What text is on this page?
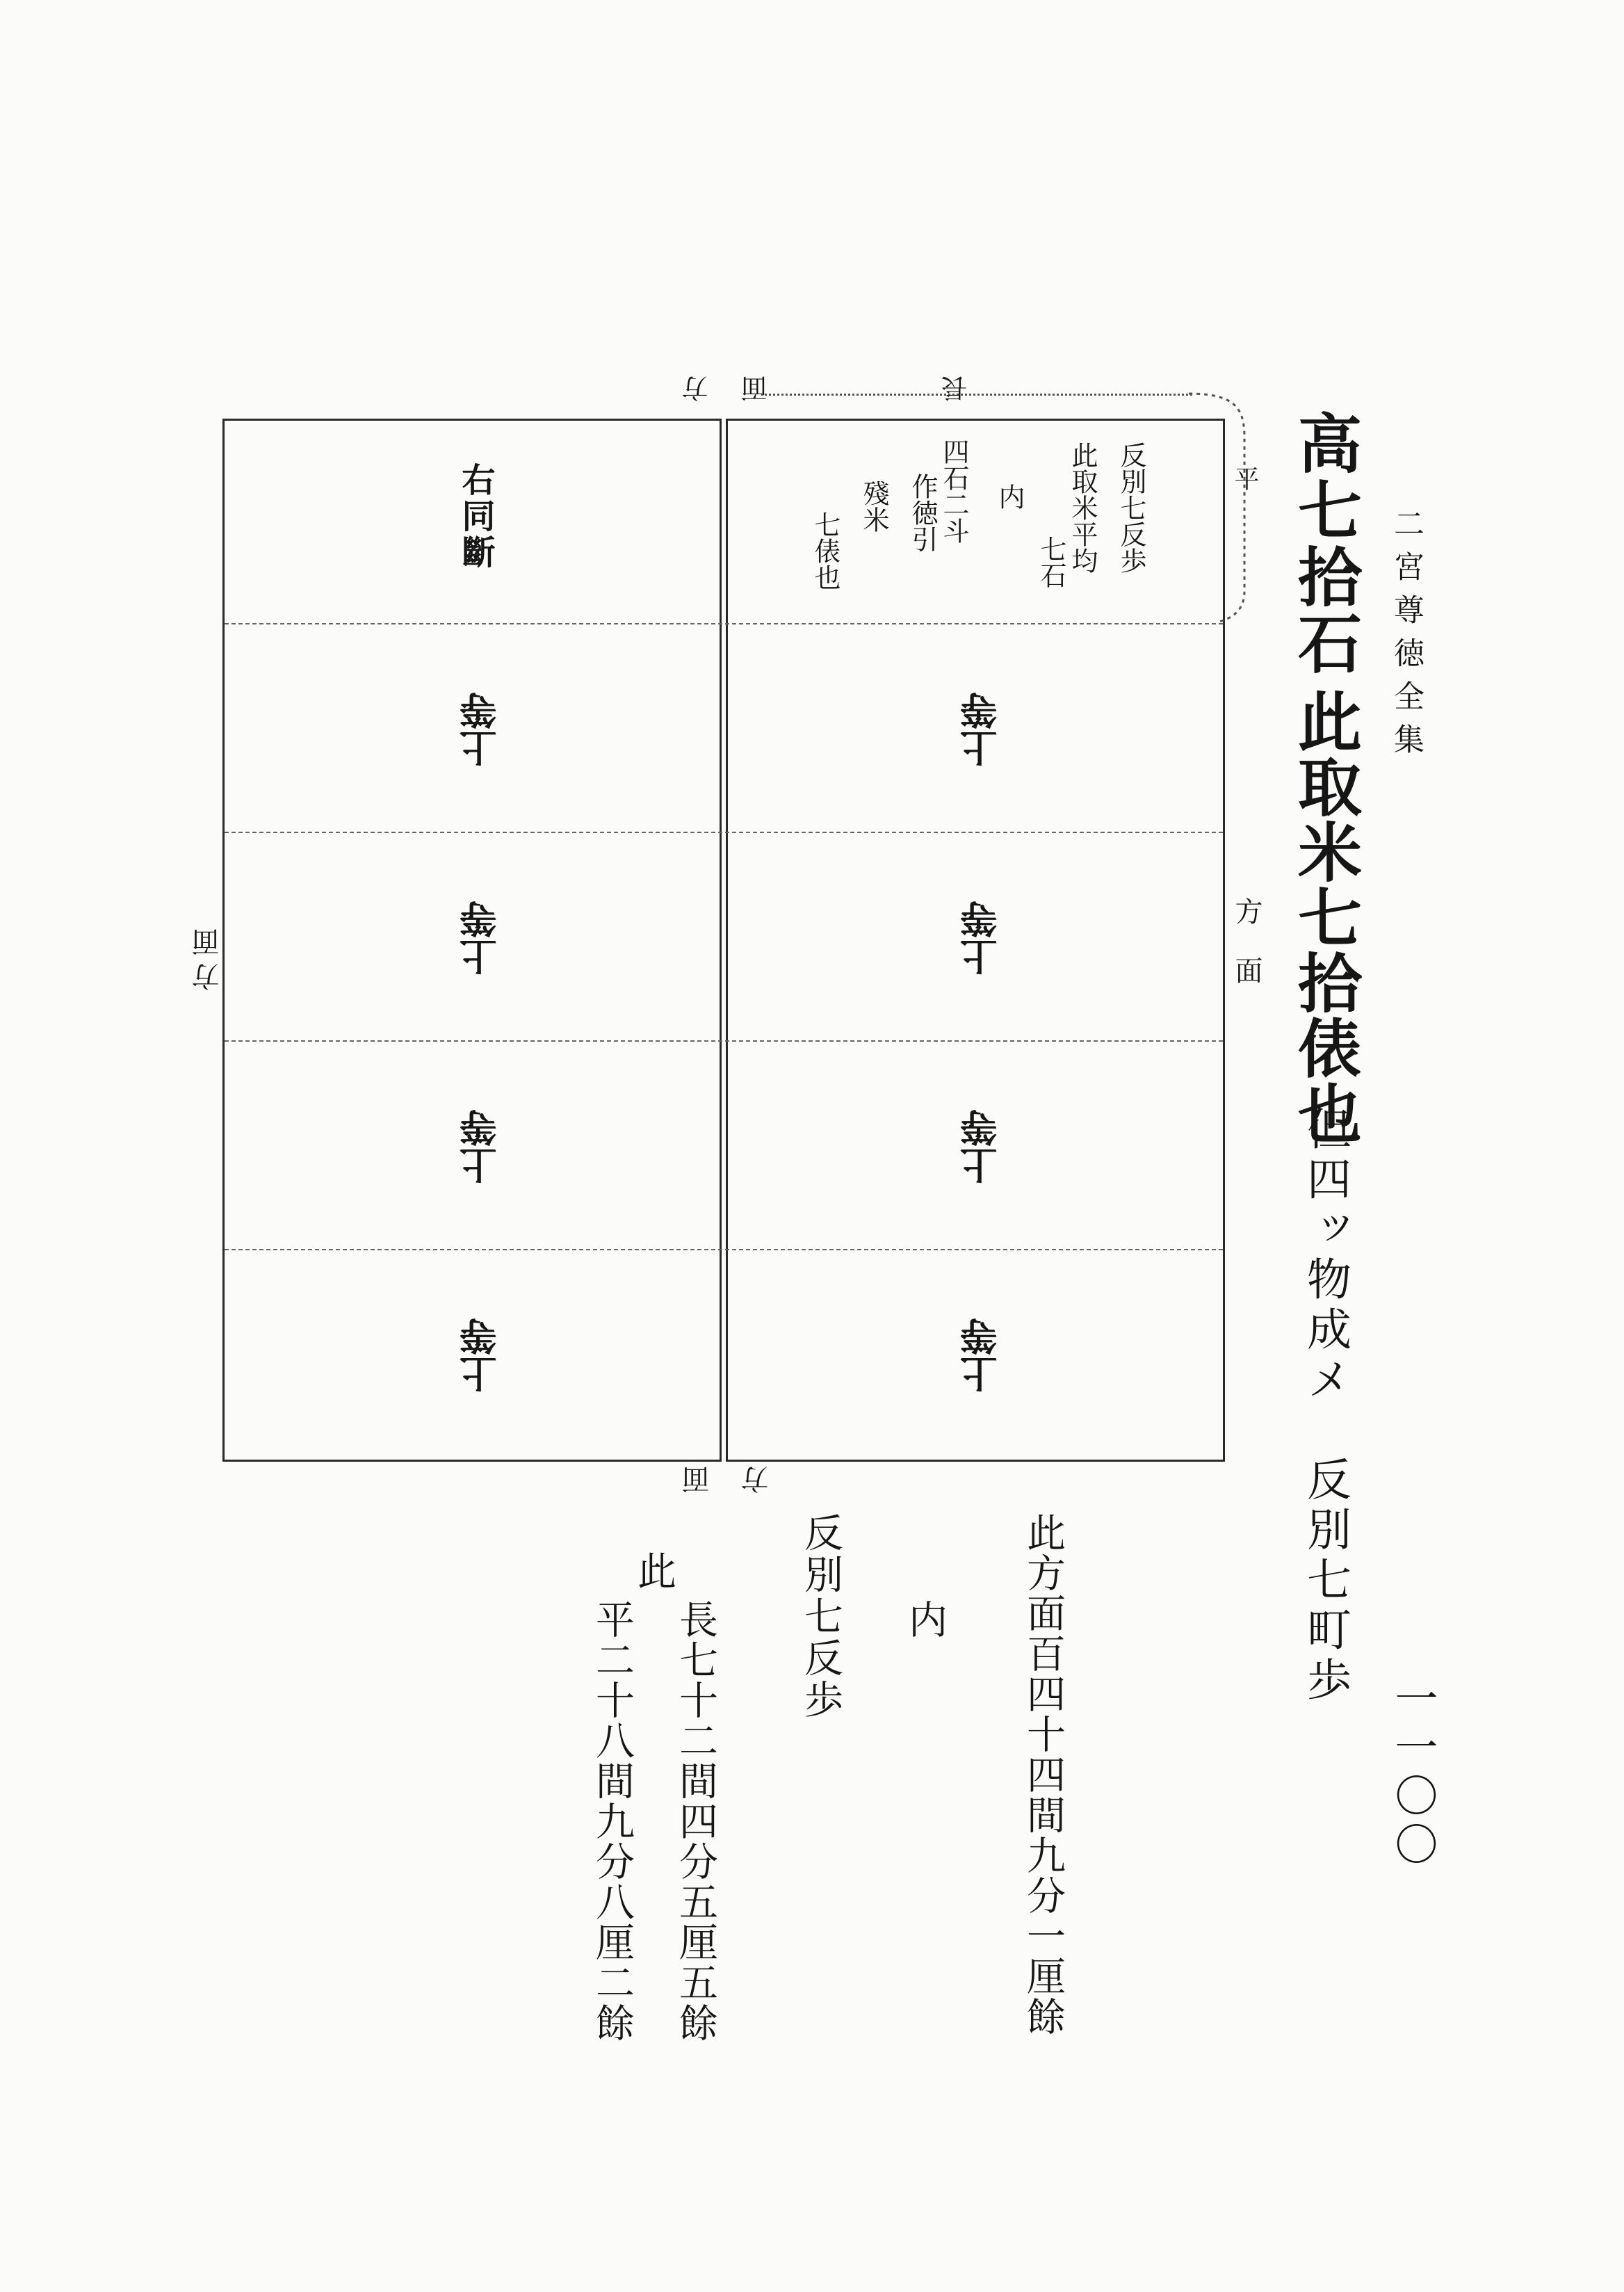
二宮尊徳全集
一一〇〇
高七拾石
此取米七拾俵也
但四ッ物成メ　反別七町歩
方 面	長
平
方
面
方
面
方面
反別七反歩
此取米平均
七石
内
四石二斗
作徳引
殘米
七俵也
右同斷
上等
上等
上等
上等
上等
上等
上等
上等
此方面百四十四間九分一厘餘
内
反別七反歩
此
長七十二間四分五厘五餘
平二十八間九分八厘二餘
